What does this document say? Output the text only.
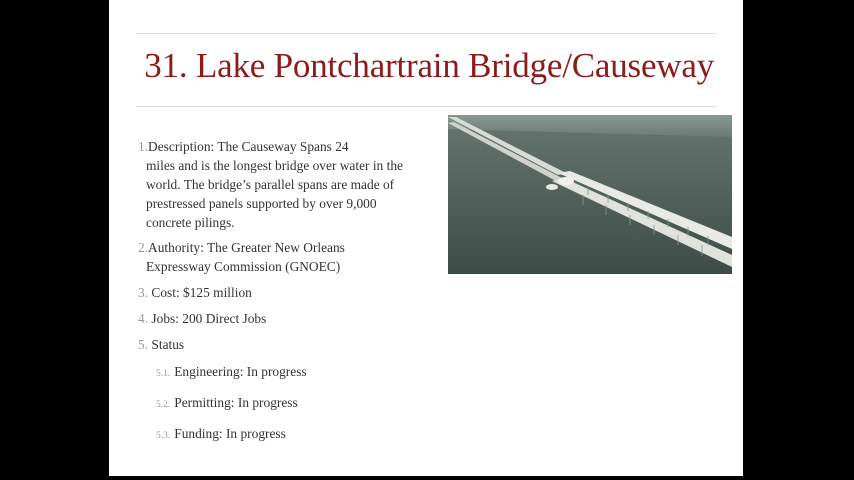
31. Lake Pontchartrain Bridge/Causeway
1.Description: The Causeway Spans 24
miles and is the longest bridge over water in the world. The bridge’s parallel spans are made of prestressed panels supported by over 9,000 concrete pilings.
2.Authority: The Greater New Orleans
Expressway Commission (GNOEC)
3. Cost: $125 million
4. Jobs: 200 Direct Jobs
5. Status
5.1. Engineering: In progress
5.2. Permitting: In progress
5.3. Funding: In progress
